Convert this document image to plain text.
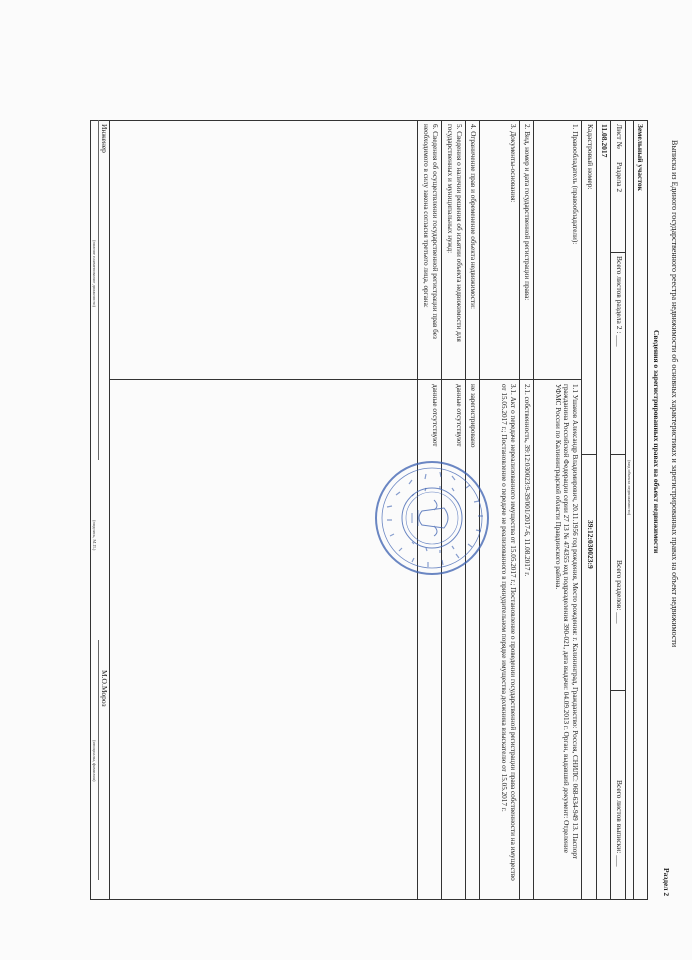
Выписка из Единого государственного реестра недвижимости об основных характеристиках и зарегистрированных правах на объект недвижимости
Раздел 2
Сведения о зарегистрированных правах на объект недвижимости
Земельный участок
(вид объекта недвижимости)
Лист №
Раздела 2
Всего листов раздела 2 : ___
Всего разделов: ___
Всего листов выписки: ___
11.08.2017
Кадастровый номер:
39:12:030023:9
1. Правообладатель (правообладатели):
1.1 Ушаков Александр Владимирович, 20.11.1956 год рождения, Место рождения: г. Калининград, Гражданство: Россия, СНИЛС: 068-634-949 13. Паспорт гражданина Российской Федерации серии 27 13 № 474355 код подразделения 390-021, дата выдачи: 04.09.2013 г. Орган, выдавший документ: Отделение УФМС России по Калининградской области Правдинского района.
2. Вид, номер и дата государственной регистрации права:
2.1. собственность, 39:12:030023:9-39/001/2017-6, 11.08.2017 г.
3. Документы-основания:
3.1. Акт о передаче нереализованного имущества от 15.05.2017 г.; Постановление о проведении государственной регистрации права собственности на имущество от 15.05.2017 г.; Постановление о передаче не реализованного в принудительном порядке имущества должника взыскателю от 15.05.2017 г.
4. Ограничение прав и обременение объекта недвижимости:
не зарегистрировано
5. Сведения о наличии решения об изъятии объекта недвижимости для государственных и муниципальных нужд:
данные отсутствуют
6. Сведения об осуществлении государственной регистрации прав без необходимого в силу закона согласия третьего лица, органа:
данные отсутствуют
Инженер
(полное наименование должности)
(подпись, М.П.)
М.О.Мороз
(инициалы, фамилия)
